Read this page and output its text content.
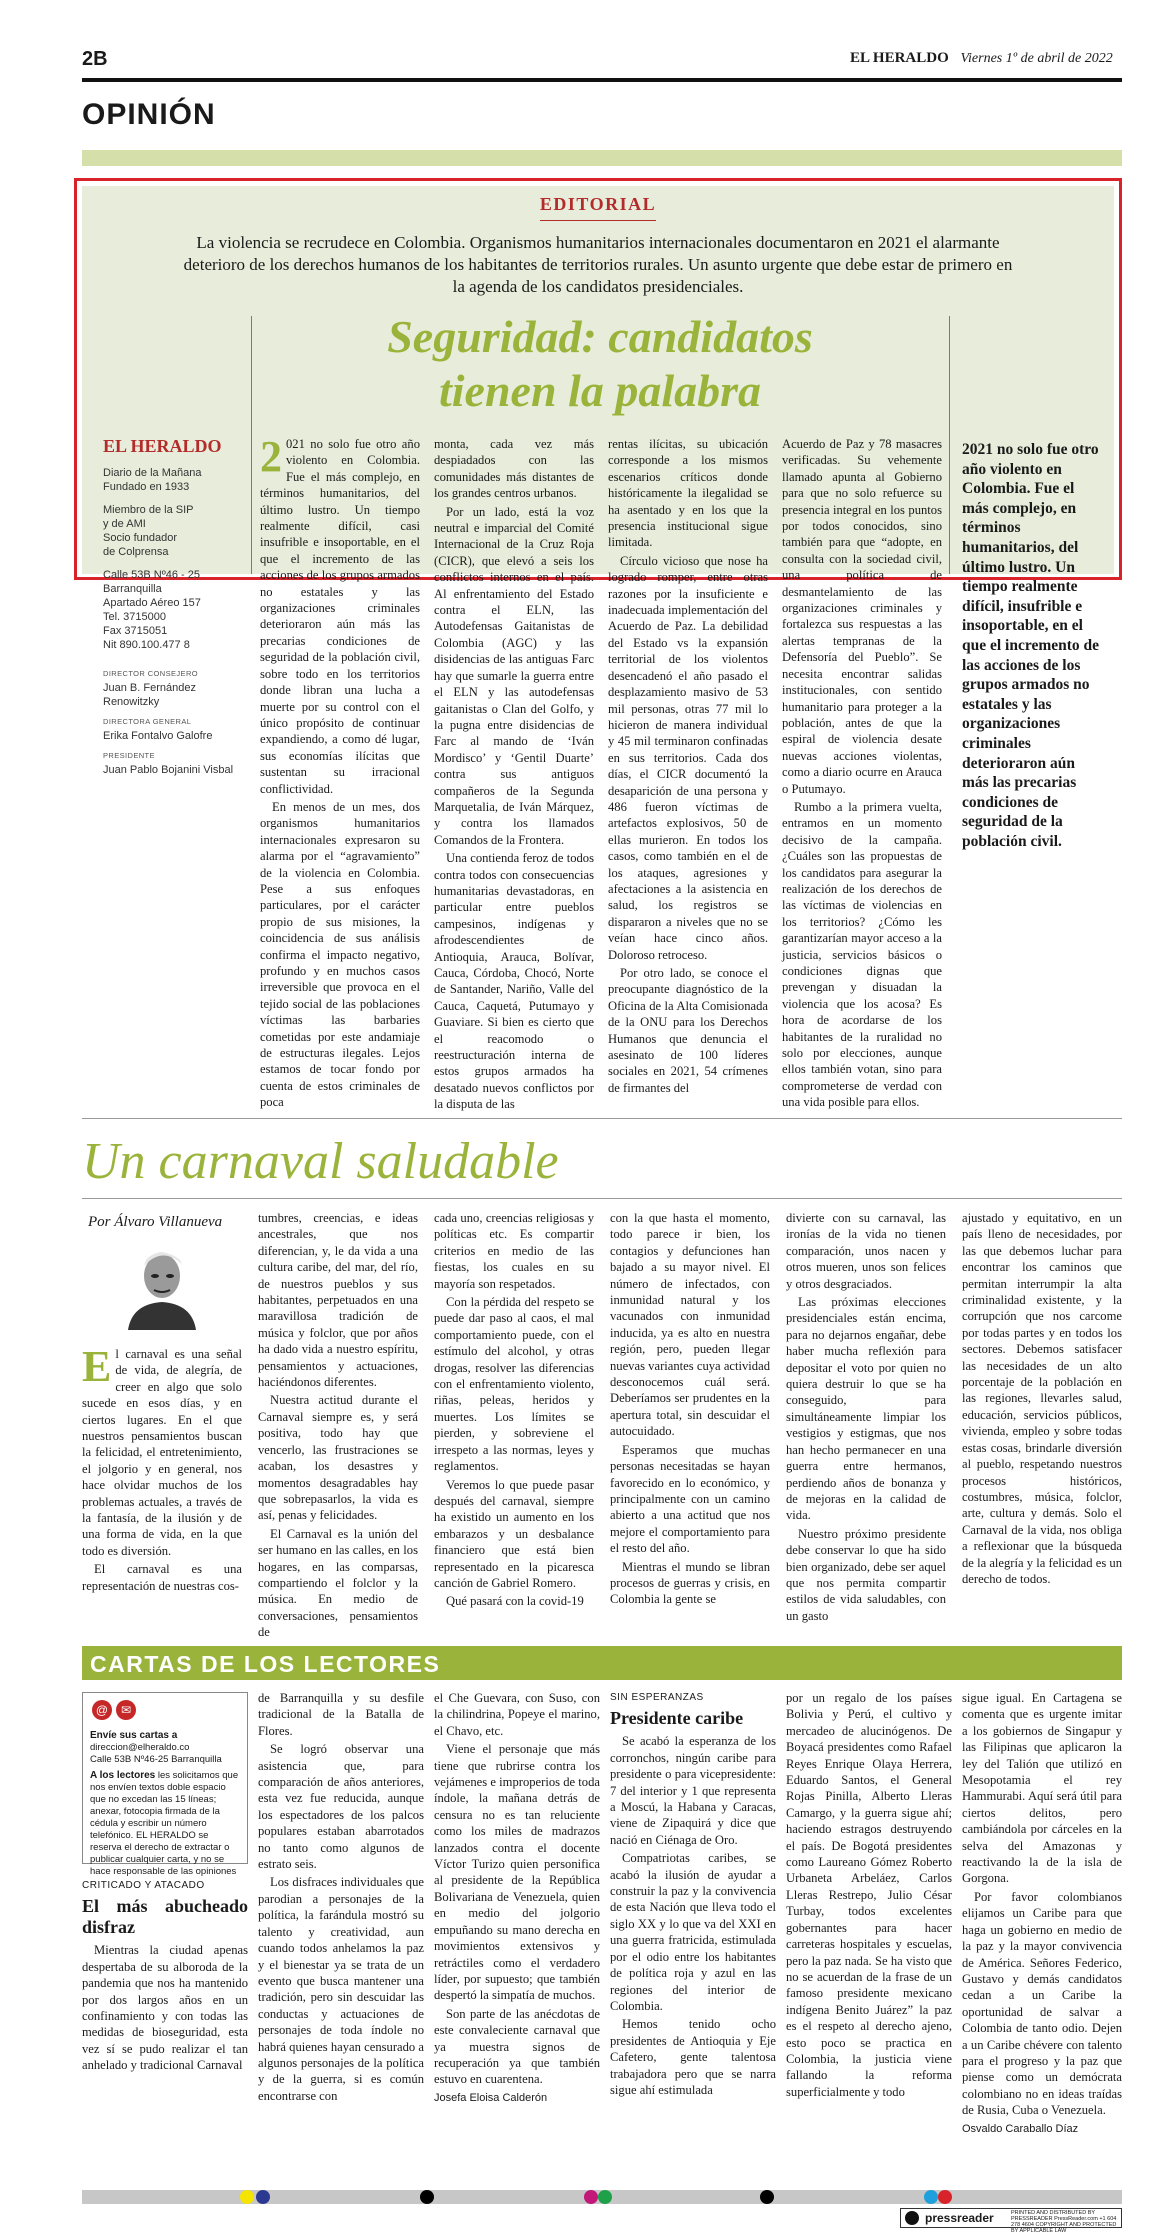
2B	EL HERALDO Viernes 1º de abril de 2022
OPINIÓN
EDITORIAL
La violencia se recrudece en Colombia. Organismos humanitarios internacionales documentaron en 2021 el alarmante deterioro de los derechos humanos de los habitantes de territorios rurales. Un asunto urgente que debe estar de primero en la agenda de los candidatos presidenciales.
Seguridad: candidatos
tienen la palabra
EL HERALDO
Diario de la Mañana
Fundado en 1933
Miembro de la SIP
y de AMI
Socio fundador
de Colprensa
Calle 53B Nº46 - 25
Barranquilla
Apartado Aéreo 157
Tel. 3715000
Fax 3715051
Nit 890.100.477 8
DIRECTOR CONSEJERO
Juan B. Fernández Renowitzky
DIRECTORA GENERAL
Erika Fontalvo Galofre
PRESIDENTE
Juan Pablo Bojanini Visbal

2 021 no solo fue otro año violento en Colombia. Fue el más complejo, en términos humanitarios, del último lustro. Un tiempo realmente difícil, casi insufrible e insoportable, en el que el incremento de las acciones de los grupos armados no estatales y las organizaciones criminales deterioraron aún más las precarias condiciones de seguridad de la población civil, sobre todo en los territorios donde libran una lucha a muerte por su control con el único propósito de continuar expandiendo, a como dé lugar, sus economías ilícitas que sustentan su irracional conflictividad.

En menos de un mes, dos organismos humanitarios internacionales expresaron su alarma por el “agravamiento” de la violencia en Colombia. Pese a sus enfoques particulares, por el carácter propio de sus misiones, la coincidencia de sus análisis confirma el impacto negativo, profundo y en muchos casos irreversible que provoca en el tejido social de las poblaciones víctimas las barbaries cometidas por este andamiaje de estructuras ilegales. Lejos estamos de tocar fondo por cuenta de estos criminales de poca

monta, cada vez más despiadados con las comunidades más distantes de los grandes centros urbanos.

Por un lado, está la voz neutral e imparcial del Comité Internacional de la Cruz Roja (CICR), que elevó a seis los conflictos internos en el país. Al enfrentamiento del Estado contra el ELN, las Autodefensas Gaitanistas de Colombia (AGC) y las disidencias de las antiguas Farc hay que sumarle la guerra entre el ELN y las autodefensas gaitanistas o Clan del Golfo, y la pugna entre disidencias de Farc al mando de ‘Iván Mordisco’ y ‘Gentil Duarte’ contra sus antiguos compañeros de la Segunda Marquetalia, de Iván Márquez, y contra los llamados Comandos de la Frontera.

Una contienda feroz de todos contra todos con consecuencias humanitarias devastadoras, en particular entre pueblos campesinos, indígenas y afrodescendientes de Antioquia, Arauca, Bolívar, Cauca, Córdoba, Chocó, Norte de Santander, Nariño, Valle del Cauca, Caquetá, Putumayo y Guaviare. Si bien es cierto que el reacomodo o reestructuración interna de estos grupos armados ha desatado nuevos conflictos por la disputa de las

rentas ilícitas, su ubicación corresponde a los mismos escenarios críticos donde históricamente la ilegalidad se ha asentado y en los que la presencia institucional sigue limitada.

Círculo vicioso que nose ha logrado romper, entre otras razones por la insuficiente e inadecuada implementación del Acuerdo de Paz. La debilidad del Estado vs la expansión territorial de los violentos desencadenó el año pasado el desplazamiento masivo de 53 mil personas, otras 77 mil lo hicieron de manera individual y 45 mil terminaron confinadas en sus territorios. Cada dos días, el CICR documentó la desaparición de una persona y 486 fueron víctimas de artefactos explosivos, 50 de ellas murieron. En todos los casos, como también en el de los ataques, agresiones y afectaciones a la asistencia en salud, los registros se dispararon a niveles que no se veían hace cinco años. Doloroso retroceso.

Por otro lado, se conoce el preocupante diagnóstico de la Oficina de la Alta Comisionada de la ONU para los Derechos Humanos que denuncia el asesinato de 100 líderes sociales en 2021, 54 crímenes de firmantes del

Acuerdo de Paz y 78 masacres verificadas. Su vehemente llamado apunta al Gobierno para que no solo refuerce su presencia integral en los puntos por todos conocidos, sino también para que “adopte, en consulta con la sociedad civil, una política de desmantelamiento de las organizaciones criminales y fortalezca sus respuestas a las alertas tempranas de la Defensoría del Pueblo”. Se necesita encontrar salidas institucionales, con sentido humanitario para proteger a la población, antes de que la espiral de violencia desate nuevas acciones violentas, como a diario ocurre en Arauca o Putumayo.

Rumbo a la primera vuelta, entramos en un momento decisivo de la campaña. ¿Cuáles son las propuestas de los candidatos para asegurar la realización de los derechos de las víctimas de violencias en los territorios? ¿Cómo les garantizarían mayor acceso a la justicia, servicios básicos o condiciones dignas que prevengan y disuadan la violencia que los acosa? Es hora de acordarse de los habitantes de la ruralidad no solo por elecciones, aunque ellos también votan, sino para comprometerse de verdad con una vida posible para ellos.

2021 no solo fue otro año violento en Colombia. Fue el más complejo, en términos humanitarios, del último lustro. Un tiempo realmente difícil, insufrible e insoportable, en el que el incremento de las acciones de los grupos armados no estatales y las organizaciones criminales deterioraron aún más las precarias condiciones de seguridad de la población civil.
Un carnaval saludable
Por Álvaro Villanueva

El carnaval es una señal de vida, de alegría, de creer en algo que solo sucede en esos días, y en ciertos lugares. En el que nuestros pensamientos buscan la felicidad, el entretenimiento, el jolgorio y en general, nos hace olvidar muchos de los problemas actuales, a través de la fantasía, de la ilusión y de una forma de vida, en la que todo es diversión.

El carnaval es una representación de nuestras cos-

tumbres, creencias, e ideas ancestrales, que nos diferencian, y, le da vida a una cultura caribe, del mar, del río, de nuestros pueblos y sus habitantes, perpetuados en una maravillosa tradición de música y folclor, que por años ha dado vida a nuestro espíritu, pensamientos y actuaciones, haciéndonos diferentes.

Nuestra actitud durante el Carnaval siempre es, y será positiva, todo hay que vencerlo, las frustraciones se acaban, los desastres y momentos desagradables hay que sobrepasarlos, la vida es así, penas y felicidades.

El Carnaval es la unión del ser humano en las calles, en los hogares, en las comparsas, compartiendo el folclor y la música. En medio de conversaciones, pensamientos de

cada uno, creencias religiosas y políticas etc. Es compartir criterios en medio de las fiestas, los cuales en su mayoría son respetados.

Con la pérdida del respeto se puede dar paso al caos, el mal comportamiento puede, con el estímulo del alcohol, y otras drogas, resolver las diferencias con el enfrentamiento violento, riñas, peleas, heridos y muertes. Los límites se pierden, y sobreviene el irrespeto a las normas, leyes y reglamentos.

Veremos lo que puede pasar después del carnaval, siempre ha existido un aumento en los embarazos y un desbalance financiero que está bien representado en la picaresca canción de Gabriel Romero.

Qué pasará con la covid-19

con la que hasta el momento, todo parece ir bien, los contagios y defunciones han bajado a su mayor nivel. El número de infectados, con inmunidad natural y los vacunados con inmunidad inducida, ya es alto en nuestra región, pero, pueden llegar nuevas variantes cuya actividad desconocemos cuál será. Deberíamos ser prudentes en la apertura total, sin descuidar el autocuidado.

Esperamos que muchas personas necesitadas se hayan favorecido en lo económico, y principalmente con un camino abierto a una actitud que nos mejore el comportamiento para el resto del año.

Mientras el mundo se libran procesos de guerras y crisis, en Colombia la gente se

divierte con su carnaval, las ironías de la vida no tienen comparación, unos nacen y otros mueren, unos son felices y otros desgraciados.

Las próximas elecciones presidenciales están encima, para no dejarnos engañar, debe haber mucha reflexión para depositar el voto por quien no quiera destruir lo que se ha conseguido, para simultáneamente limpiar los vestigios y estigmas, que nos han hecho permanecer en una guerra entre hermanos, perdiendo años de bonanza y de mejoras en la calidad de vida.

Nuestro próximo presidente debe conservar lo que ha sido bien organizado, debe ser aquel que nos permita compartir estilos de vida saludables, con un gasto

ajustado y equitativo, en un país lleno de necesidades, por las que debemos luchar para encontrar los caminos que permitan interrumpir la alta criminalidad existente, y la corrupción que nos carcome por todas partes y en todos los sectores. Debemos satisfacer las necesidades de un alto porcentaje de la población en las regiones, llevarles salud, educación, servicios públicos, vivienda, empleo y sobre todas estas cosas, brindarle diversión al pueblo, respetando nuestros procesos históricos, costumbres, música, folclor, arte, cultura y demás. Solo el Carnaval de la vida, nos obliga a reflexionar que la búsqueda de la alegría y la felicidad es un derecho de todos.

CARTAS DE LOS LECTORES
@ ✉
Envíe sus cartas a
direccion@elheraldo.co
Calle 53B Nº46-25 Barranquilla
A los lectores les solicitamos que nos envíen textos doble espacio que no excedan las 15 líneas; anexar, fotocopia firmada de la cédula y escribir un número telefónico. EL HERALDO se reserva el derecho de extractar o publicar cualquier carta, y no se hace responsable de las opiniones
CRITICADO Y ATACADO
El más abucheado disfraz

Mientras la ciudad apenas despertaba de su alboroda de la pandemia que nos ha mantenido por dos largos años en un confinamiento y con todas las medidas de bioseguridad, esta vez sí se pudo realizar el tan anhelado y tradicional Carnaval

de Barranquilla y su desfile tradicional de la Batalla de Flores.

Se logró observar una asistencia que, para comparación de años anteriores, esta vez fue reducida, aunque los espectadores de los palcos populares estaban abarrotados no tanto como algunos de estrato seis.

Los disfraces individuales que parodian a personajes de la política, la farándula mostró su talento y creatividad, aun cuando todos anhelamos la paz y el bienestar ya se trata de un evento que busca mantener una tradición, pero sin descuidar las conductas y actuaciones de personajes de toda índole no habrá quienes hayan censurado a algunos personajes de la política y de la guerra, si es común encontrarse con

el Che Guevara, con Suso, con la chilindrina, Popeye el marino, el Chavo, etc.

Viene el personaje que más tiene que rubrirse contra los vejámenes e improperios de toda índole, la mañana detrás de censura no es tan reluciente como los miles de madrazos lanzados contra el docente Víctor Turizo quien personifica al presidente de la República Bolivariana de Venezuela, quien en medio del jolgorio empuñando su mano derecha en movimientos extensivos y retráctiles como el verdadero líder, por supuesto; que también despertó la simpatía de muchos.

Son parte de las anécdotas de este convaleciente carnaval que ya muestra signos de recuperación ya que también estuvo en cuarentena.

Josefa Eloisa Calderón

SIN ESPERANZAS
Presidente caribe

Se acabó la esperanza de los corronchos, ningún caribe para presidente o para vicepresidente: 7 del interior y 1 que representa a Moscú, la Habana y Caracas, viene de Zipaquirá y dice que nació en Ciénaga de Oro.

Compatriotas caribes, se acabó la ilusión de ayudar a construir la paz y la convivencia de esta Nación que lleva todo el siglo XX y lo que va del XXI en una guerra fratricida, estimulada por el odio entre los habitantes de política roja y azul en las regiones del interior de Colombia.

Hemos tenido ocho presidentes de Antioquia y Eje Cafetero, gente talentosa trabajadora pero que se narra sigue ahí estimulada

por un regalo de los países Bolivia y Perú, el cultivo y mercadeo de alucinógenos. De Boyacá presidentes como Rafael Reyes Enrique Olaya Herrera, Eduardo Santos, el General Rojas Pinilla, Alberto Lleras Camargo, y la guerra sigue ahí; haciendo estragos destruyendo el país. De Bogotá presidentes como Laureano Gómez Roberto Urbaneta Arbeláez, Carlos Lleras Restrepo, Julio César Turbay, todos excelentes gobernantes para hacer carreteras hospitales y escuelas, pero la paz nada. Se ha visto que no se acuerdan de la frase de un famoso presidente mexicano indígena Benito Juárez” la paz es el respeto al derecho ajeno, esto poco se practica en Colombia, la justicia viene fallando la reforma superficialmente y todo

sigue igual. En Cartagena se comenta que es urgente imitar a los gobiernos de Singapur y las Filipinas que aplicaron la ley del Talión que utilizó en Mesopotamia el rey Hammurabi. Aquí será útil para ciertos delitos, pero cambiándola por cárceles en la selva del Amazonas y reactivando la de la isla de Gorgona.

Por favor colombianos elijamos un Caribe para que haga un gobierno en medio de la paz y la mayor convivencia de América. Señores Federico, Gustavo y demás candidatos cedan a un Caribe la oportunidad de salvar a Colombia de tanto odio. Dejen a un Caribe chévere con talento para el progreso y la paz que piense como un demócrata colombiano no en ideas traídas de Rusia, Cuba o Venezuela.

Osvaldo Caraballo Díaz

pressreader	PRINTED AND DISTRIBUTED BY PRESSREADER PressReader.com +1 604 278 4604 COPYRIGHT AND PROTECTED BY APPLICABLE LAW
